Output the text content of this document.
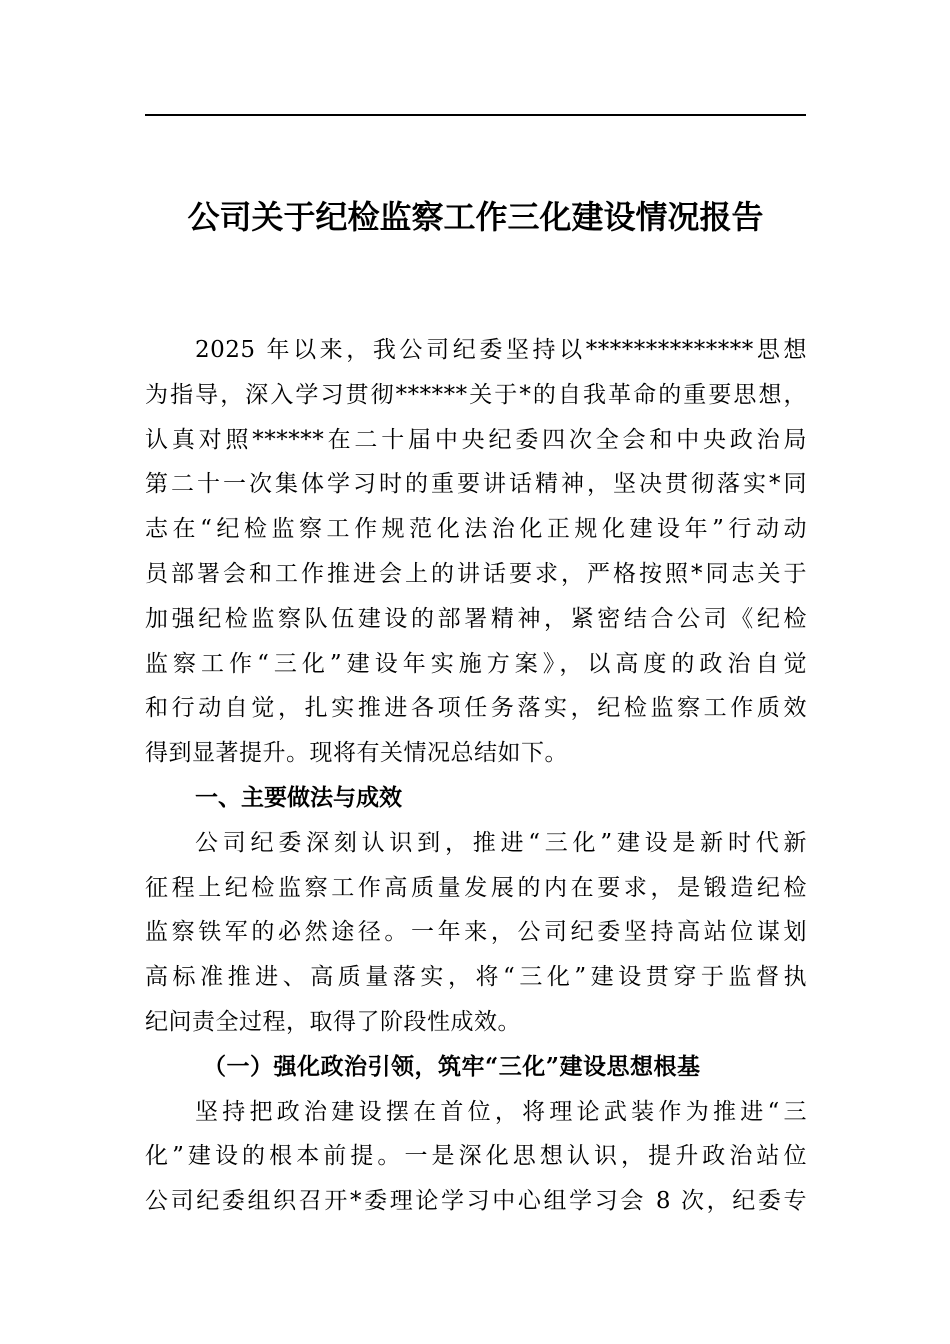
公司关于纪检监察工作三化建设情况报告
2025 年以来，我公司纪委坚持以**************思想
为指导，深入学习贯彻******关于*的自我革命的重要思想，
认真对照******在二十届中央纪委四次全会和中央政治局
第二十一次集体学习时的重要讲话精神，坚决贯彻落实*同
志在“纪检监察工作规范化法治化正规化建设年”行动动
员部署会和工作推进会上的讲话要求，严格按照*同志关于
加强纪检监察队伍建设的部署精神，紧密结合公司《纪检
监察工作“三化”建设年实施方案》，以高度的政治自觉
和行动自觉，扎实推进各项任务落实，纪检监察工作质效
得到显著提升。现将有关情况总结如下。
一、主要做法与成效
公司纪委深刻认识到，推进“三化”建设是新时代新
征程上纪检监察工作高质量发展的内在要求，是锻造纪检
监察铁军的必然途径。一年来，公司纪委坚持高站位谋划
高标准推进、高质量落实，将“三化”建设贯穿于监督执
纪问责全过程，取得了阶段性成效。
（一）强化政治引领，筑牢“三化”建设思想根基
坚持把政治建设摆在首位，将理论武装作为推进“三
化”建设的根本前提。一是深化思想认识，提升政治站位
公司纪委组织召开*委理论学习中心组学习会 8 次，纪委专
